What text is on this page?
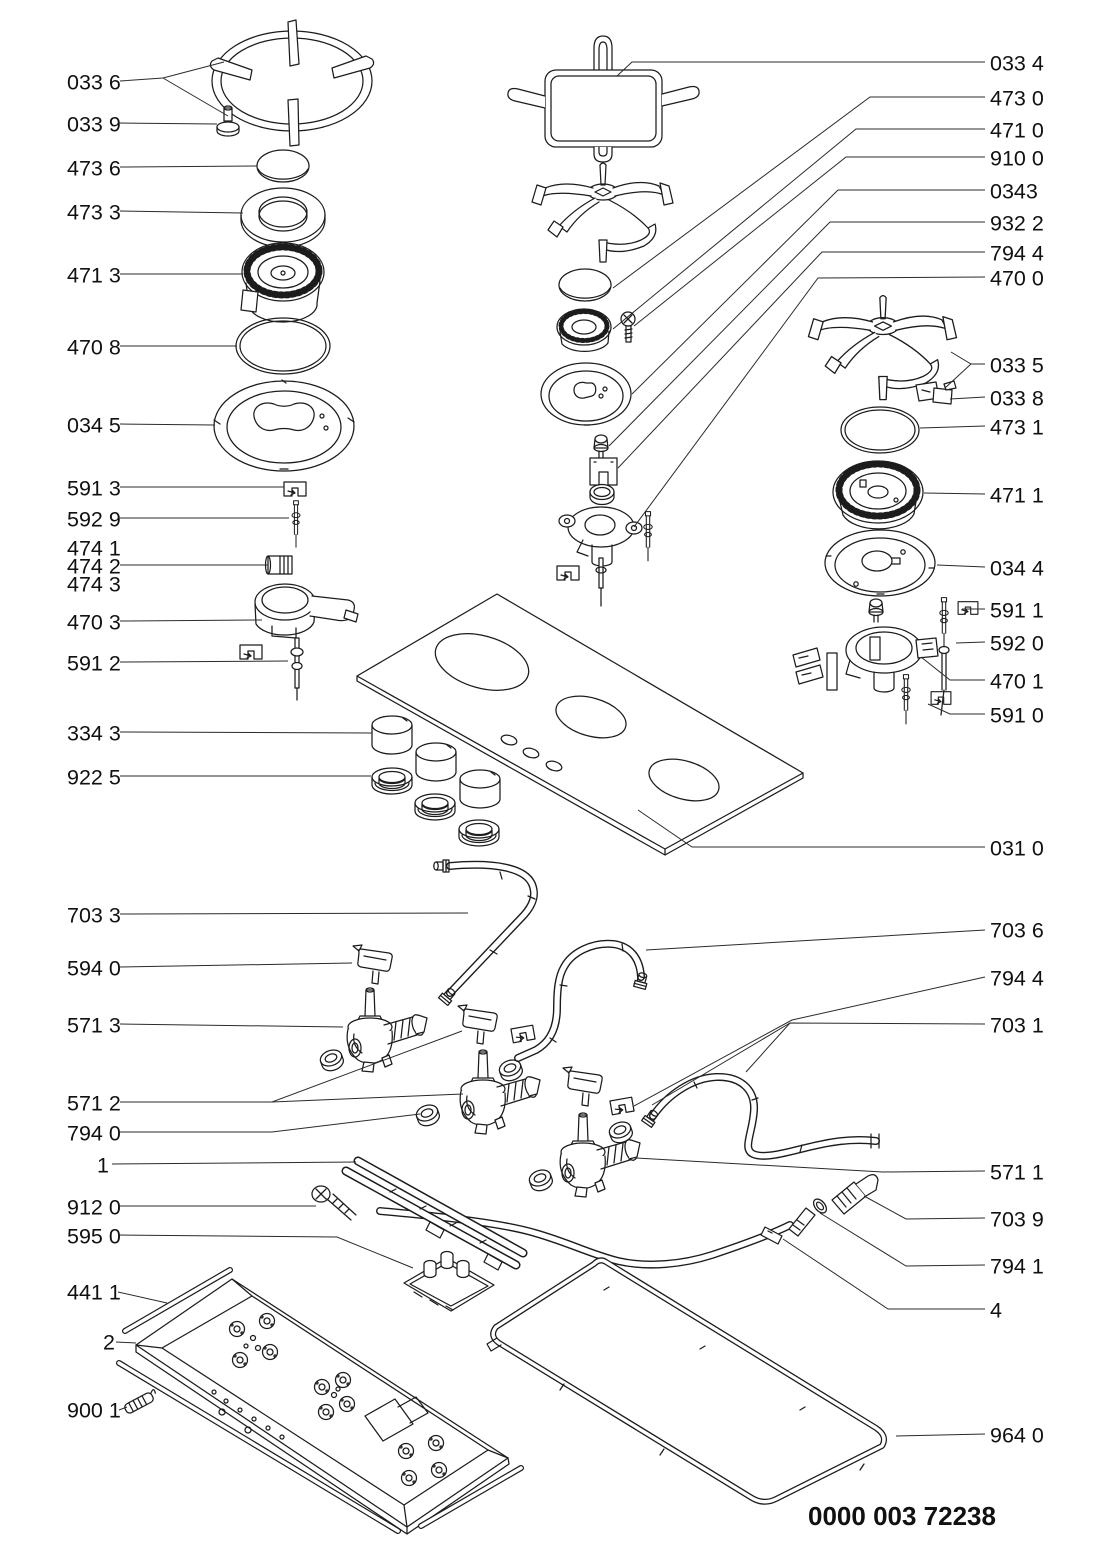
033 6
033 9
473 6
473 3
471 3
470 8
034 5
591 3
592 9
474 1
474 2
474 3
470 3
591 2
334 3
922 5
703 3
594 0
571 3
571 2
794 0
1
912 0
595 0
441 1
2
900 1
033 4
473 0
471 0
910 0
0343
932 2
794 4
470 0
033 5
033 8
473 1
471 1
034 4
591 1
592 0
470 1
591 0
031 0
703 6
794 4
703 1
571 1
703 9
794 1
4
964 0
0000 003 72238
